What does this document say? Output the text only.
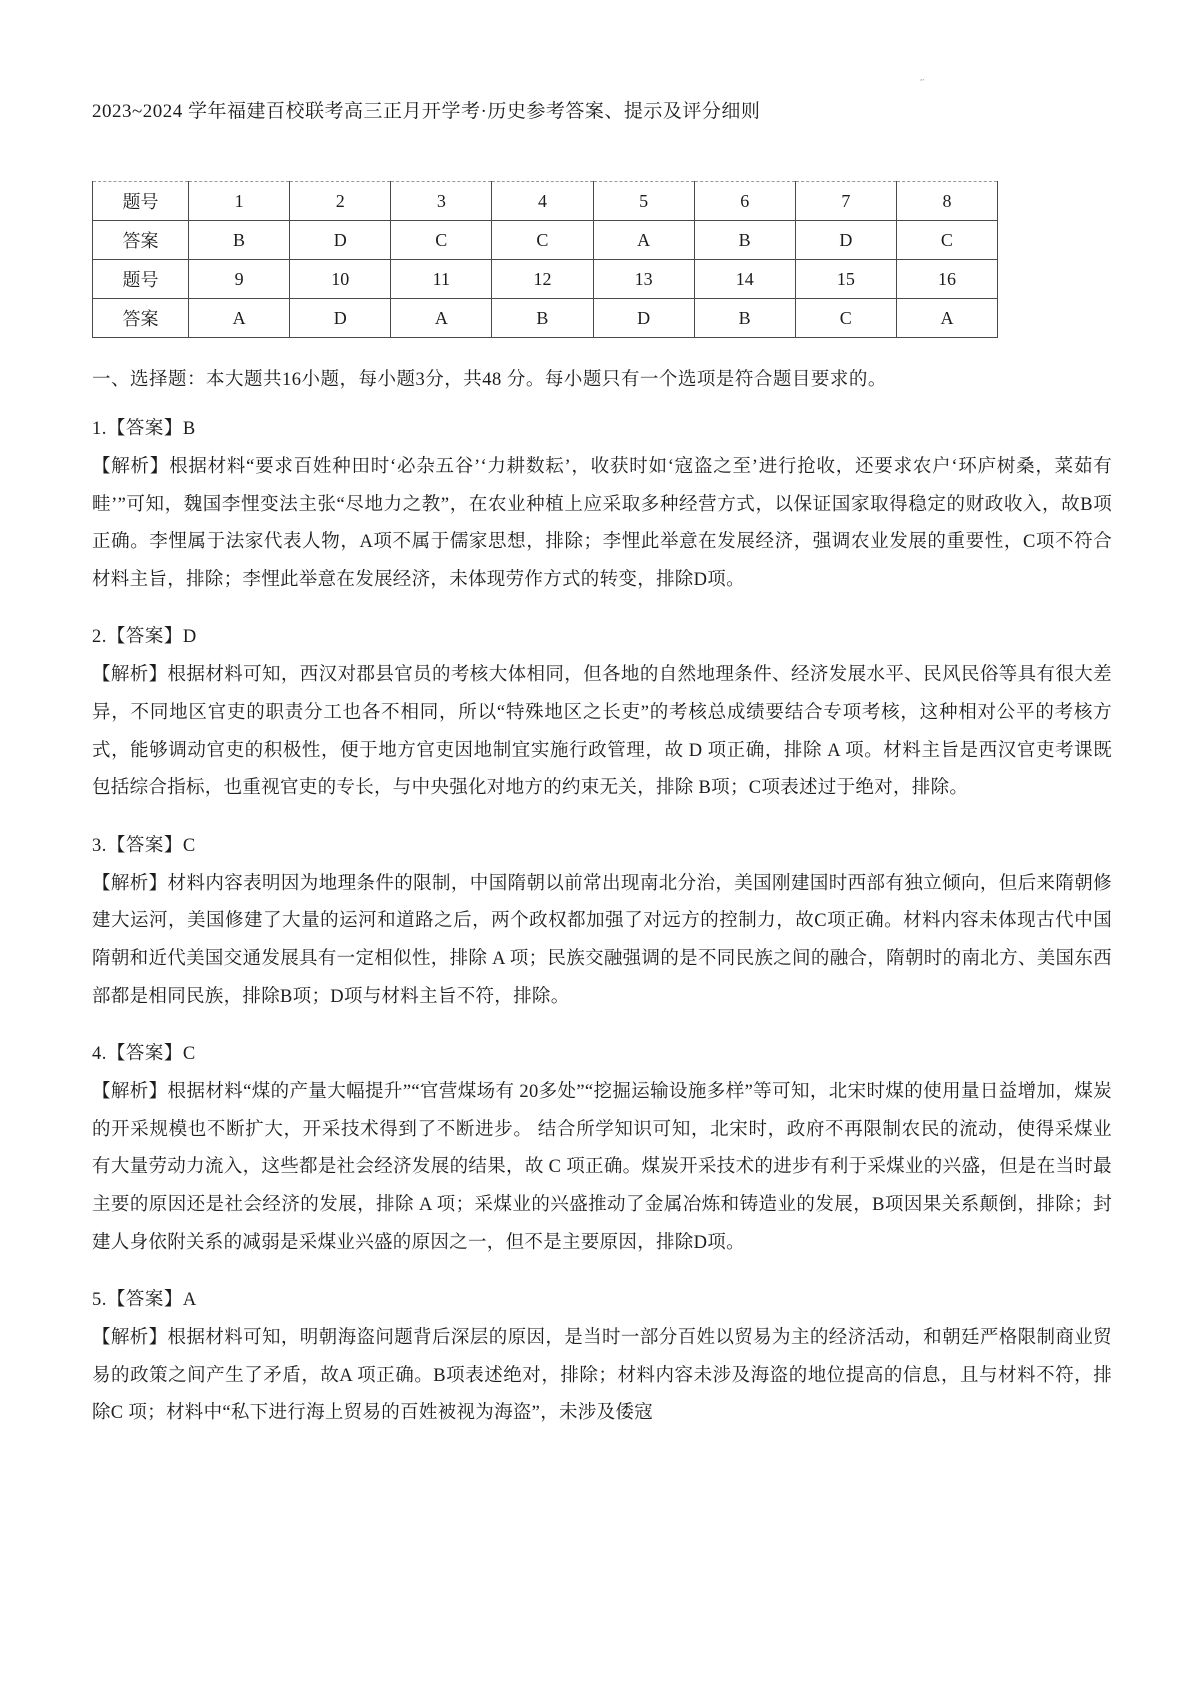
˶
2023~2024 学年福建百校联考高三正月开学考·历史参考答案、提示及评分细则
题号	1	2	3	4	5	6	7	8
答案	B	D	C	C	A	B	D	C
题号	9	10	11	12	13	14	15	16
答案	A	D	A	B	D	B	C	A
一、选择题：本大题共16小题，每小题3分，共48 分。每小题只有一个选项是符合题目要求的。
1.【答案】B

【解析】根据材料“要求百姓种田时‘必杂五谷’‘力耕数耘’，收获时如‘寇盗之至’进行抢收，还要求农户‘环庐树桑，菜茹有畦’”可知，魏国李悝变法主张“尽地力之教”，在农业种植上应采取多种经营方式，以保证国家取得稳定的财政收入，故B项正确。李悝属于法家代表人物，A项不属于儒家思想，排除；李悝此举意在发展经济，强调农业发展的重要性，C项不符合材料主旨，排除；李悝此举意在发展经济，未体现劳作方式的转变，排除D项。

2.【答案】D

【解析】根据材料可知，西汉对郡县官员的考核大体相同，但各地的自然地理条件、经济发展水平、民风民俗等具有很大差异，不同地区官吏的职责分工也各不相同，所以“特殊地区之长吏”的考核总成绩要结合专项考核，这种相对公平的考核方式，能够调动官吏的积极性，便于地方官吏因地制宜实施行政管理，故 D 项正确，排除 A 项。材料主旨是西汉官吏考课既包括综合指标，也重视官吏的专长，与中央强化对地方的约束无关，排除 B项；C项表述过于绝对，排除。

3.【答案】C

【解析】材料内容表明因为地理条件的限制，中国隋朝以前常出现南北分治，美国刚建国时西部有独立倾向，但后来隋朝修建大运河，美国修建了大量的运河和道路之后，两个政权都加强了对远方的控制力，故C项正确。材料内容未体现古代中国隋朝和近代美国交通发展具有一定相似性，排除 A 项；民族交融强调的是不同民族之间的融合，隋朝时的南北方、美国东西部都是相同民族，排除B项；D项与材料主旨不符，排除。

4.【答案】C

【解析】根据材料“煤的产量大幅提升”“官营煤场有 20多处”“挖掘运输设施多样”等可知，北宋时煤的使用量日益增加，煤炭的开采规模也不断扩大，开采技术得到了不断进步。 结合所学知识可知，北宋时，政府不再限制农民的流动，使得采煤业有大量劳动力流入，这些都是社会经济发展的结果，故 C 项正确。煤炭开采技术的进步有利于采煤业的兴盛，但是在当时最主要的原因还是社会经济的发展，排除 A 项；采煤业的兴盛推动了金属冶炼和铸造业的发展，B项因果关系颠倒，排除；封建人身依附关系的减弱是采煤业兴盛的原因之一，但不是主要原因，排除D项。

5.【答案】A

【解析】根据材料可知，明朝海盗问题背后深层的原因，是当时一部分百姓以贸易为主的经济活动，和朝廷严格限制商业贸易的政策之间产生了矛盾，故A 项正确。B项表述绝对，排除；材料内容未涉及海盗的地位提高的信息，且与材料不符，排除C 项；材料中“私下进行海上贸易的百姓被视为海盗”，未涉及倭寇
